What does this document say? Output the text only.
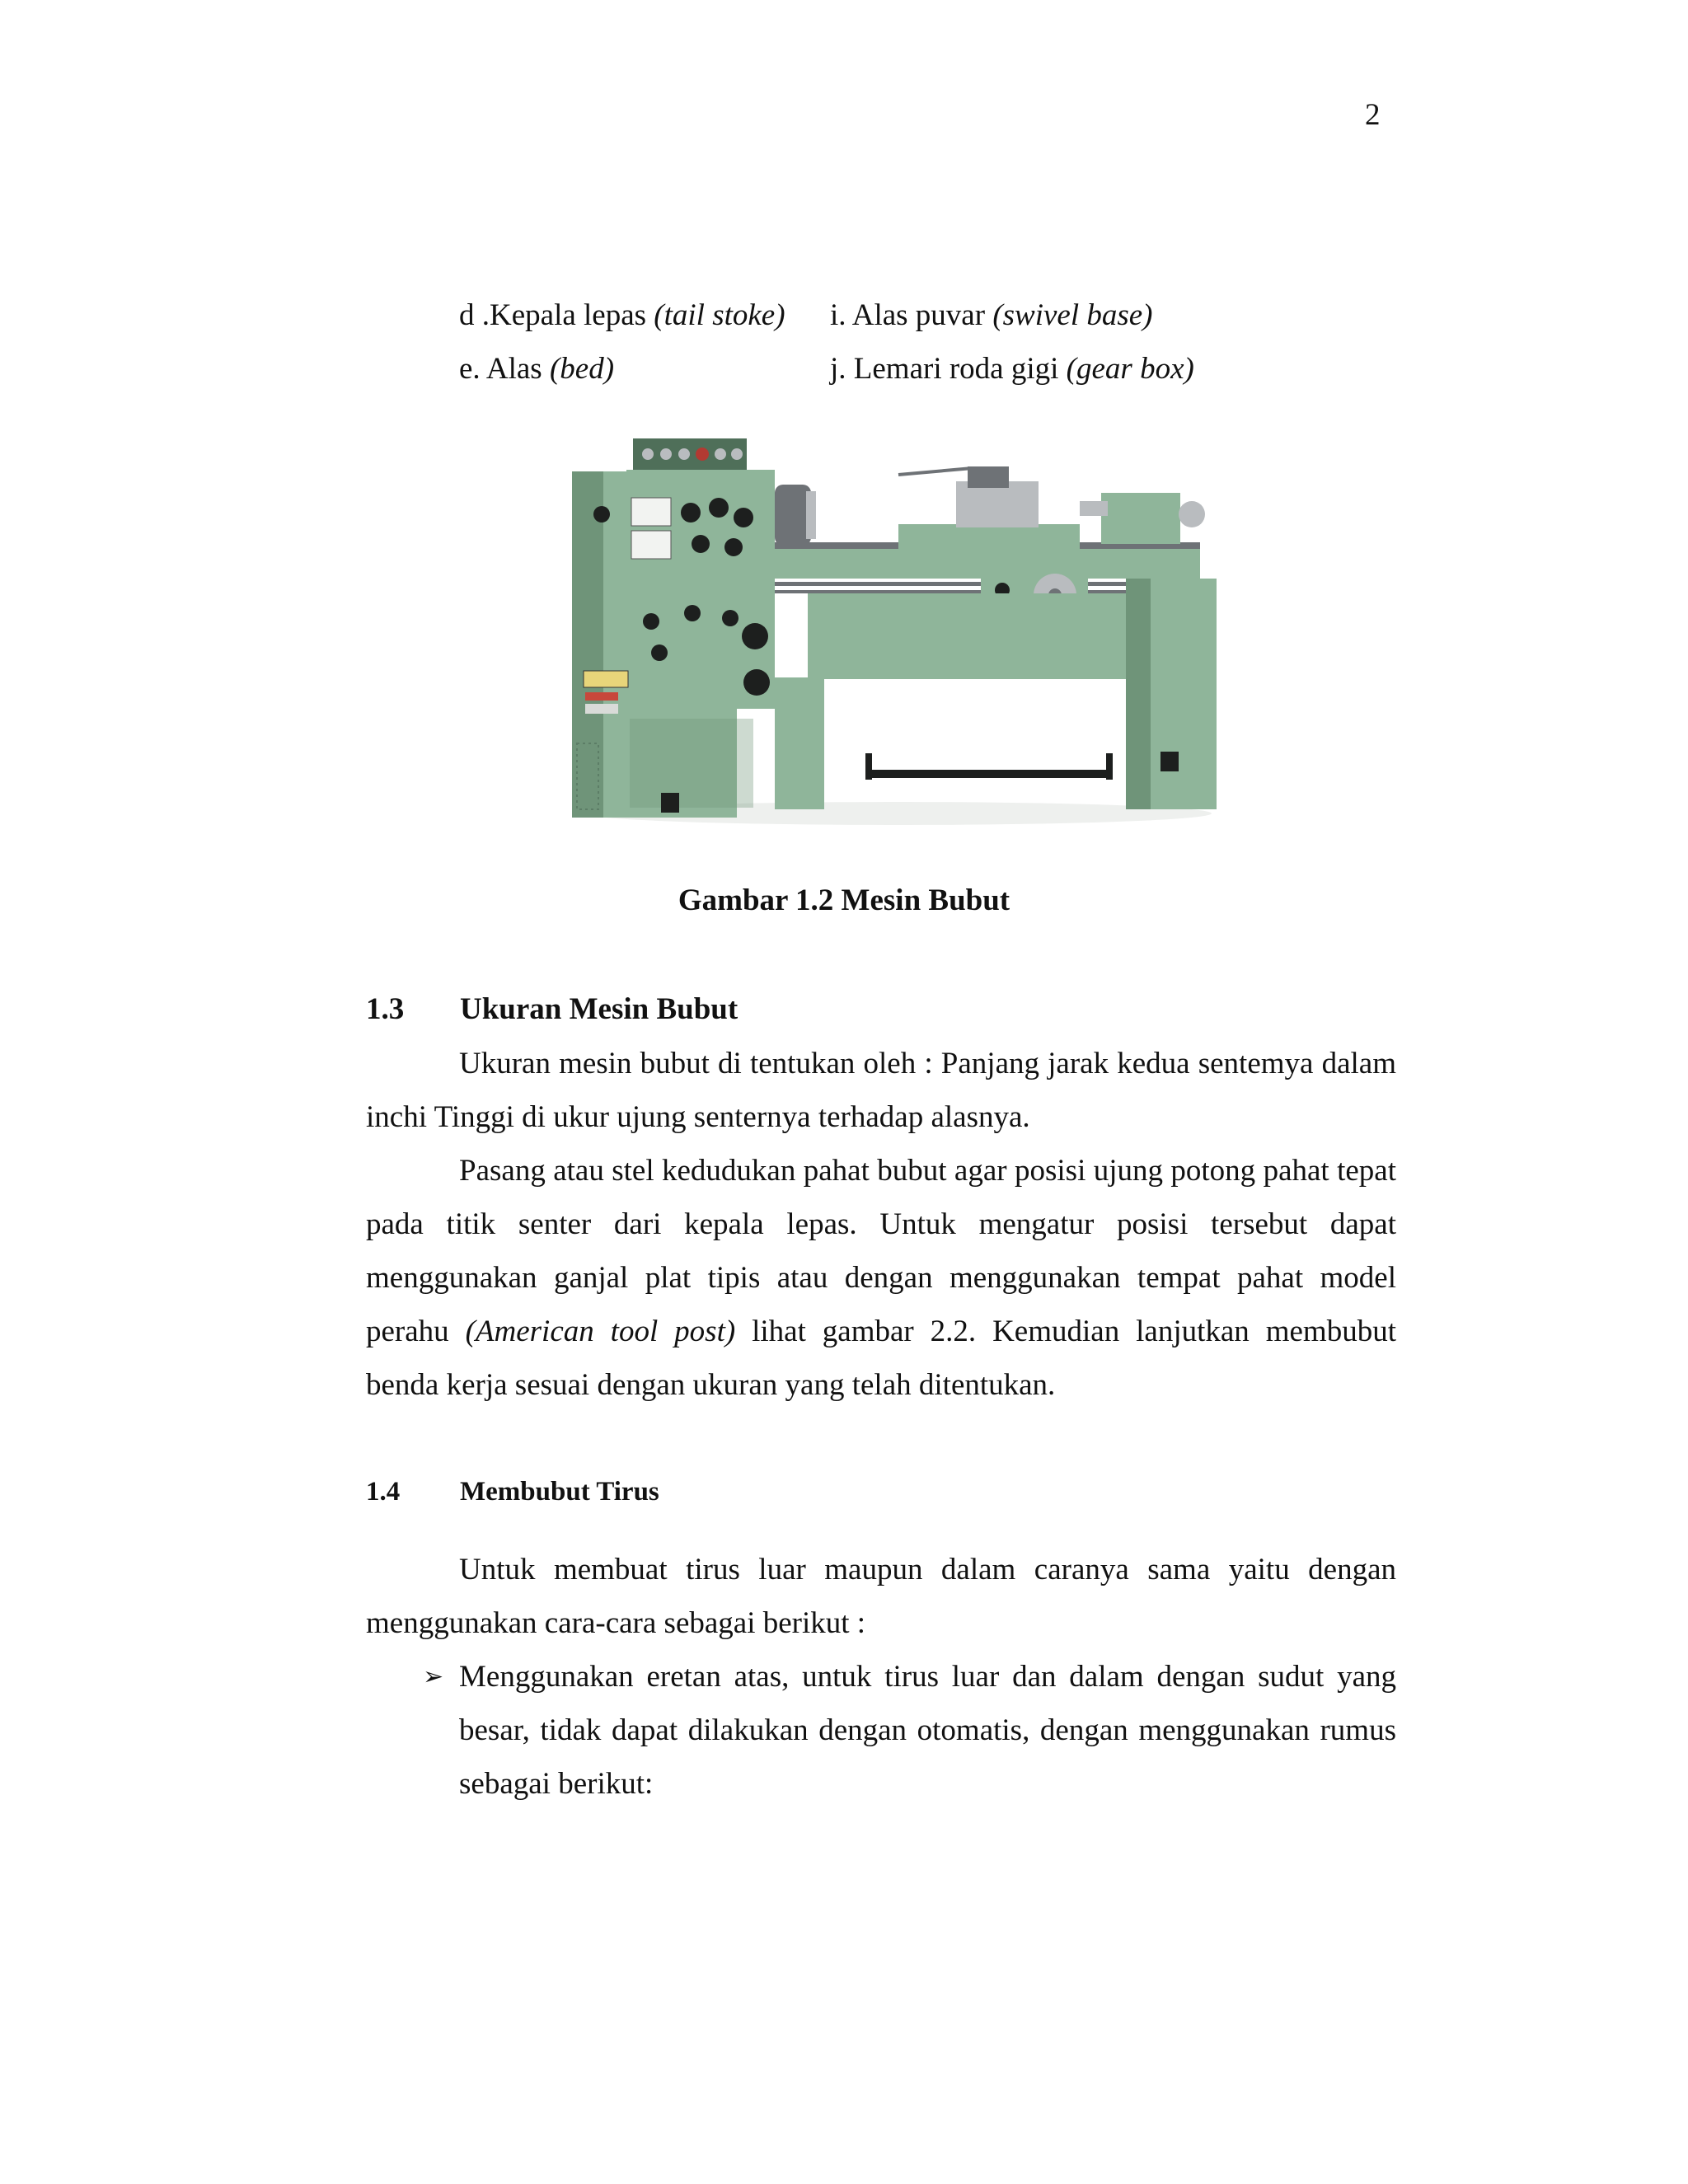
2
d .Kepala lepas (tail stoke) i. Alas puvar (swivel base)
e. Alas (bed)	j. Lemari roda gigi (gear box)
Gambar 1.2 Mesin Bubut
1.3 Ukuran Mesin Bubut

Ukuran mesin bubut di tentukan oleh : Panjang jarak kedua sentemya dalam inchi Tinggi di ukur ujung senternya terhadap alasnya.

Pasang atau stel kedudukan pahat bubut agar posisi ujung potong pahat tepat pada titik senter dari kepala lepas. Untuk mengatur posisi tersebut dapat menggunakan ganjal plat tipis atau dengan menggunakan tempat pahat model perahu (American tool post) lihat gambar 2.2. Kemudian lanjutkan membubut benda kerja sesuai dengan ukuran yang telah ditentukan.

1.4 Membubut Tirus

Untuk membuat tirus luar maupun dalam caranya sama yaitu dengan menggunakan cara-cara sebagai berikut :

➢ Menggunakan eretan atas, untuk tirus luar dan dalam dengan sudut yang besar, tidak dapat dilakukan dengan otomatis, dengan menggunakan rumus sebagai berikut:
